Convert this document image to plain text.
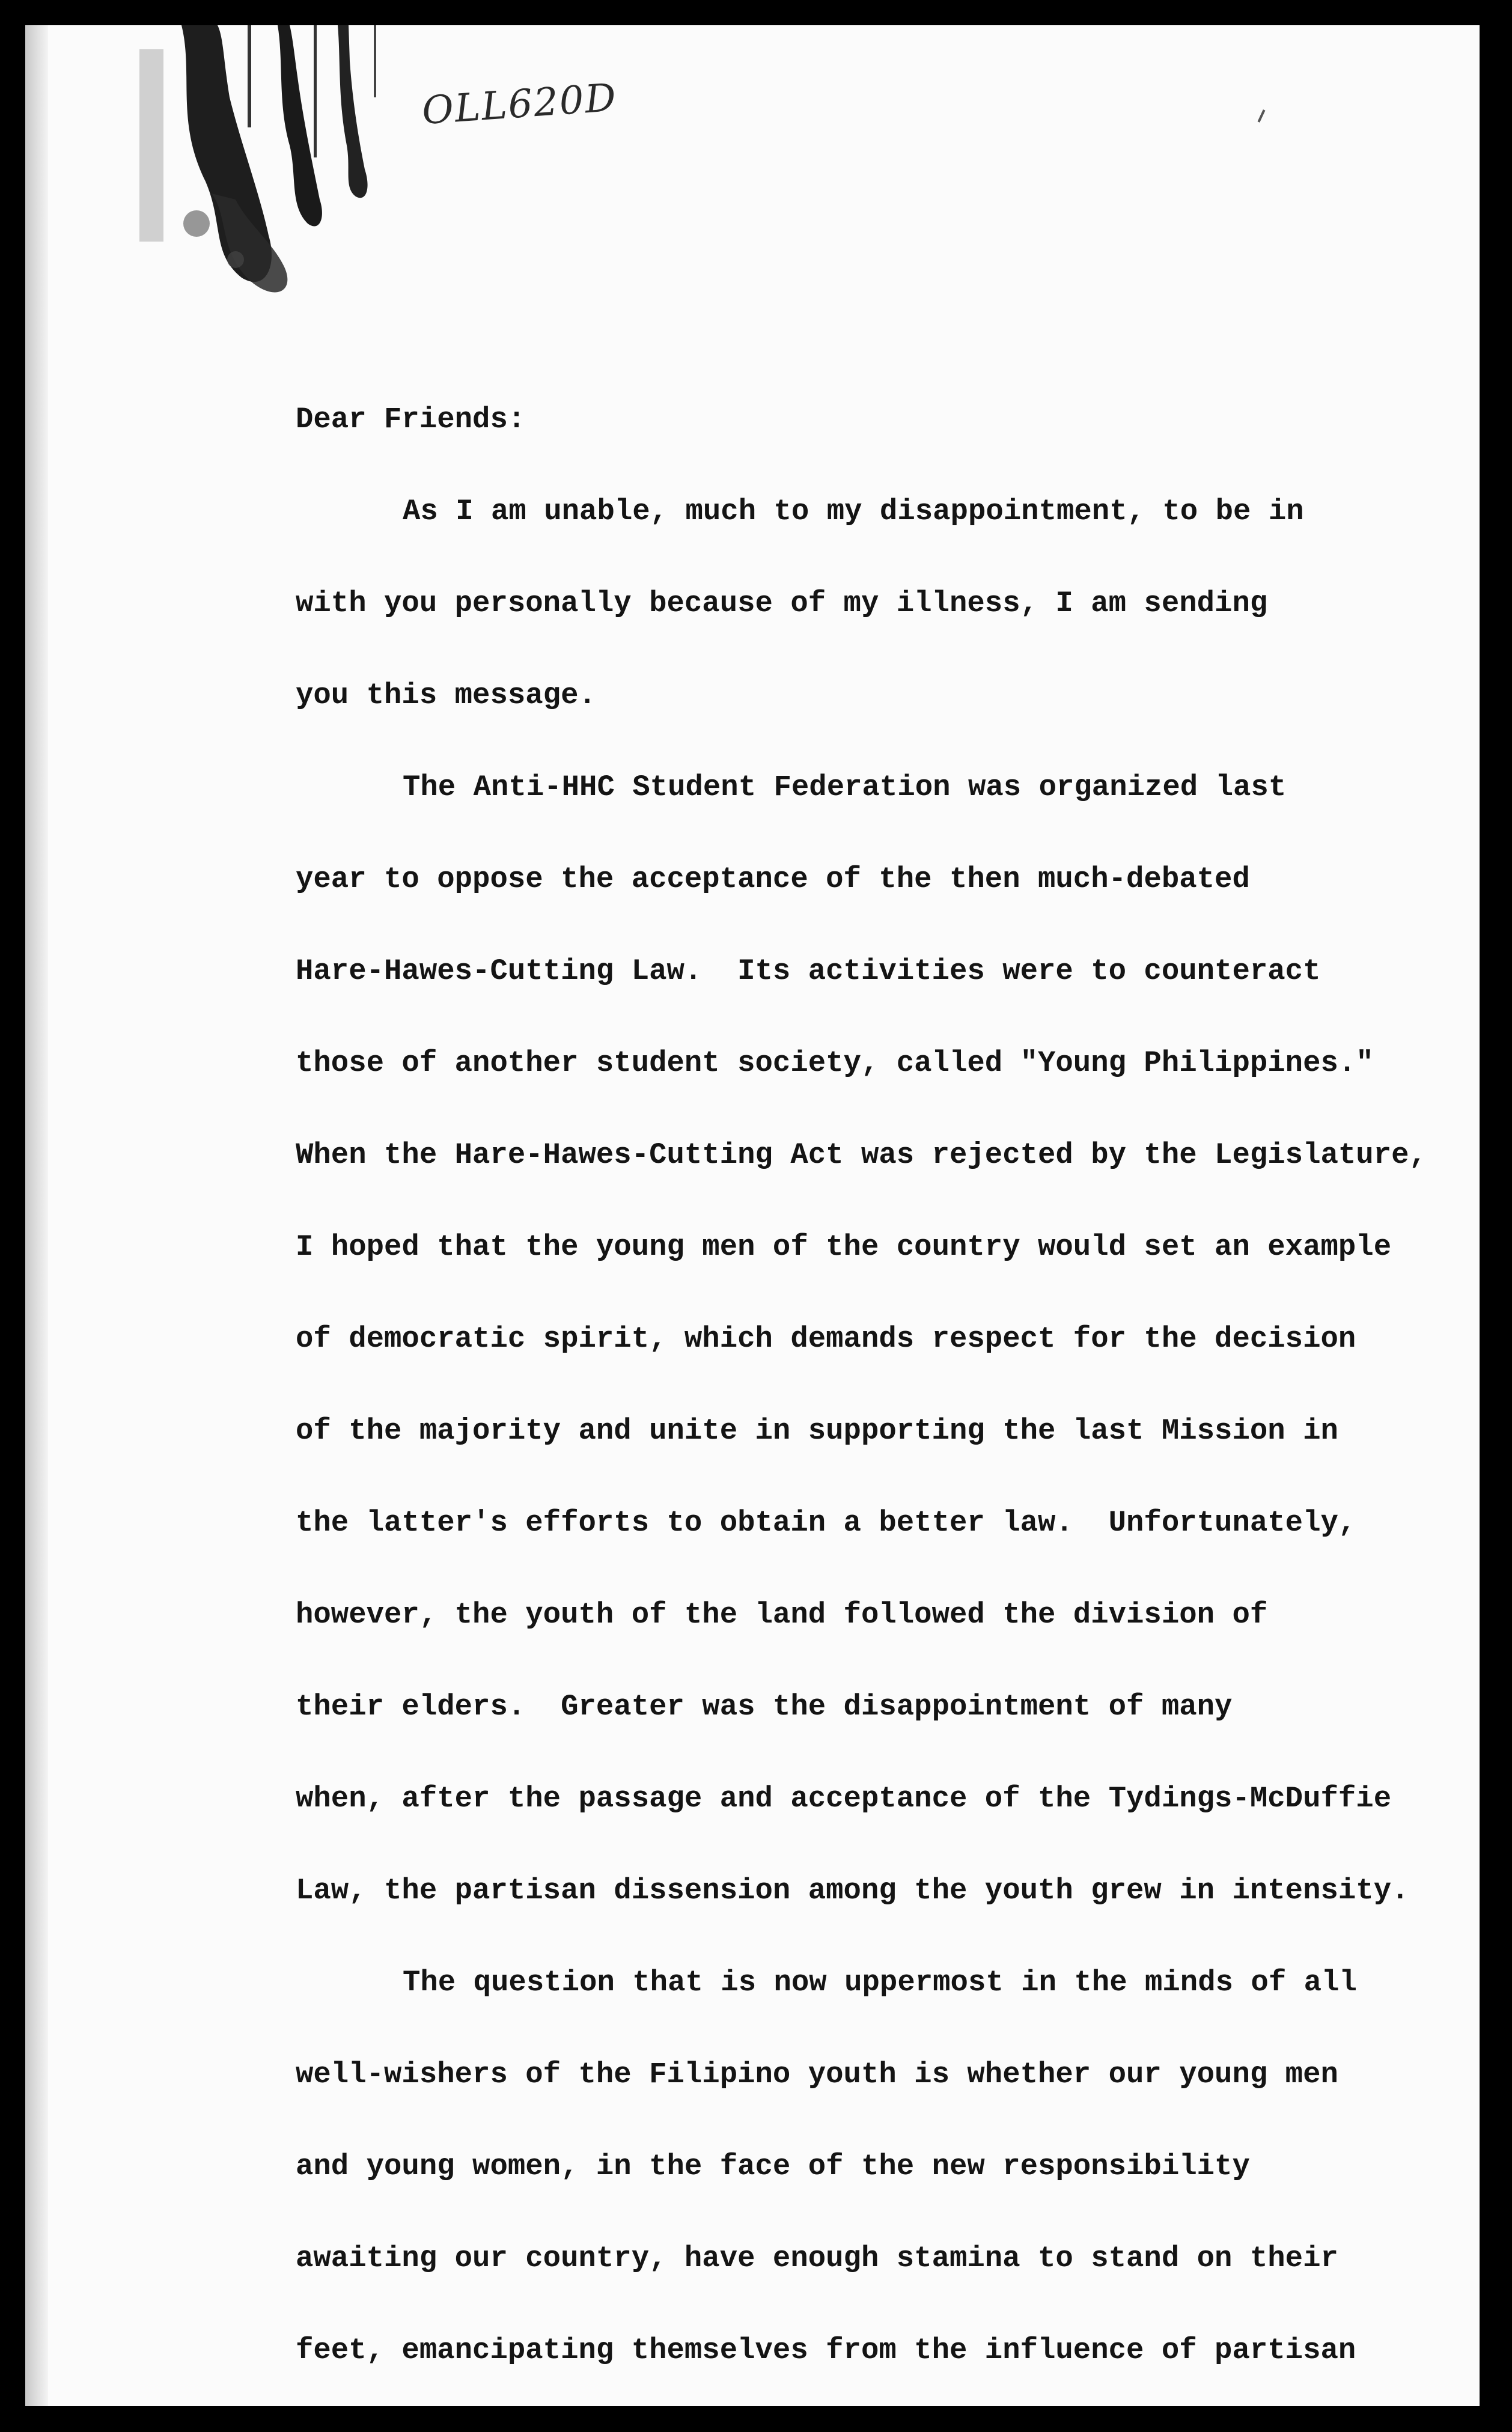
OLL620D

Dear Friends:

As I am unable, much to my disappointment, to be in
with you personally because of my illness, I am sending
you this message.
The Anti-HHC Student Federation was organized last
year to oppose the acceptance of the then much-debated
Hare-Hawes-Cutting Law.  Its activities were to counteract
those of another student society, called "Young Philippines."
When the Hare-Hawes-Cutting Act was rejected by the Legislature,
I hoped that the young men of the country would set an example
of democratic spirit, which demands respect for the decision
of the majority and unite in supporting the last Mission in
the latter's efforts to obtain a better law.  Unfortunately,
however, the youth of the land followed the division of
their elders.  Greater was the disappointment of many
when, after the passage and acceptance of the Tydings-McDuffie
Law, the partisan dissension among the youth grew in intensity.
The question that is now uppermost in the minds of all
well-wishers of the Filipino youth is whether our young men
and young women, in the face of the new responsibility
awaiting our country, have enough stamina to stand on their
feet, emancipating themselves from the influence of partisan
